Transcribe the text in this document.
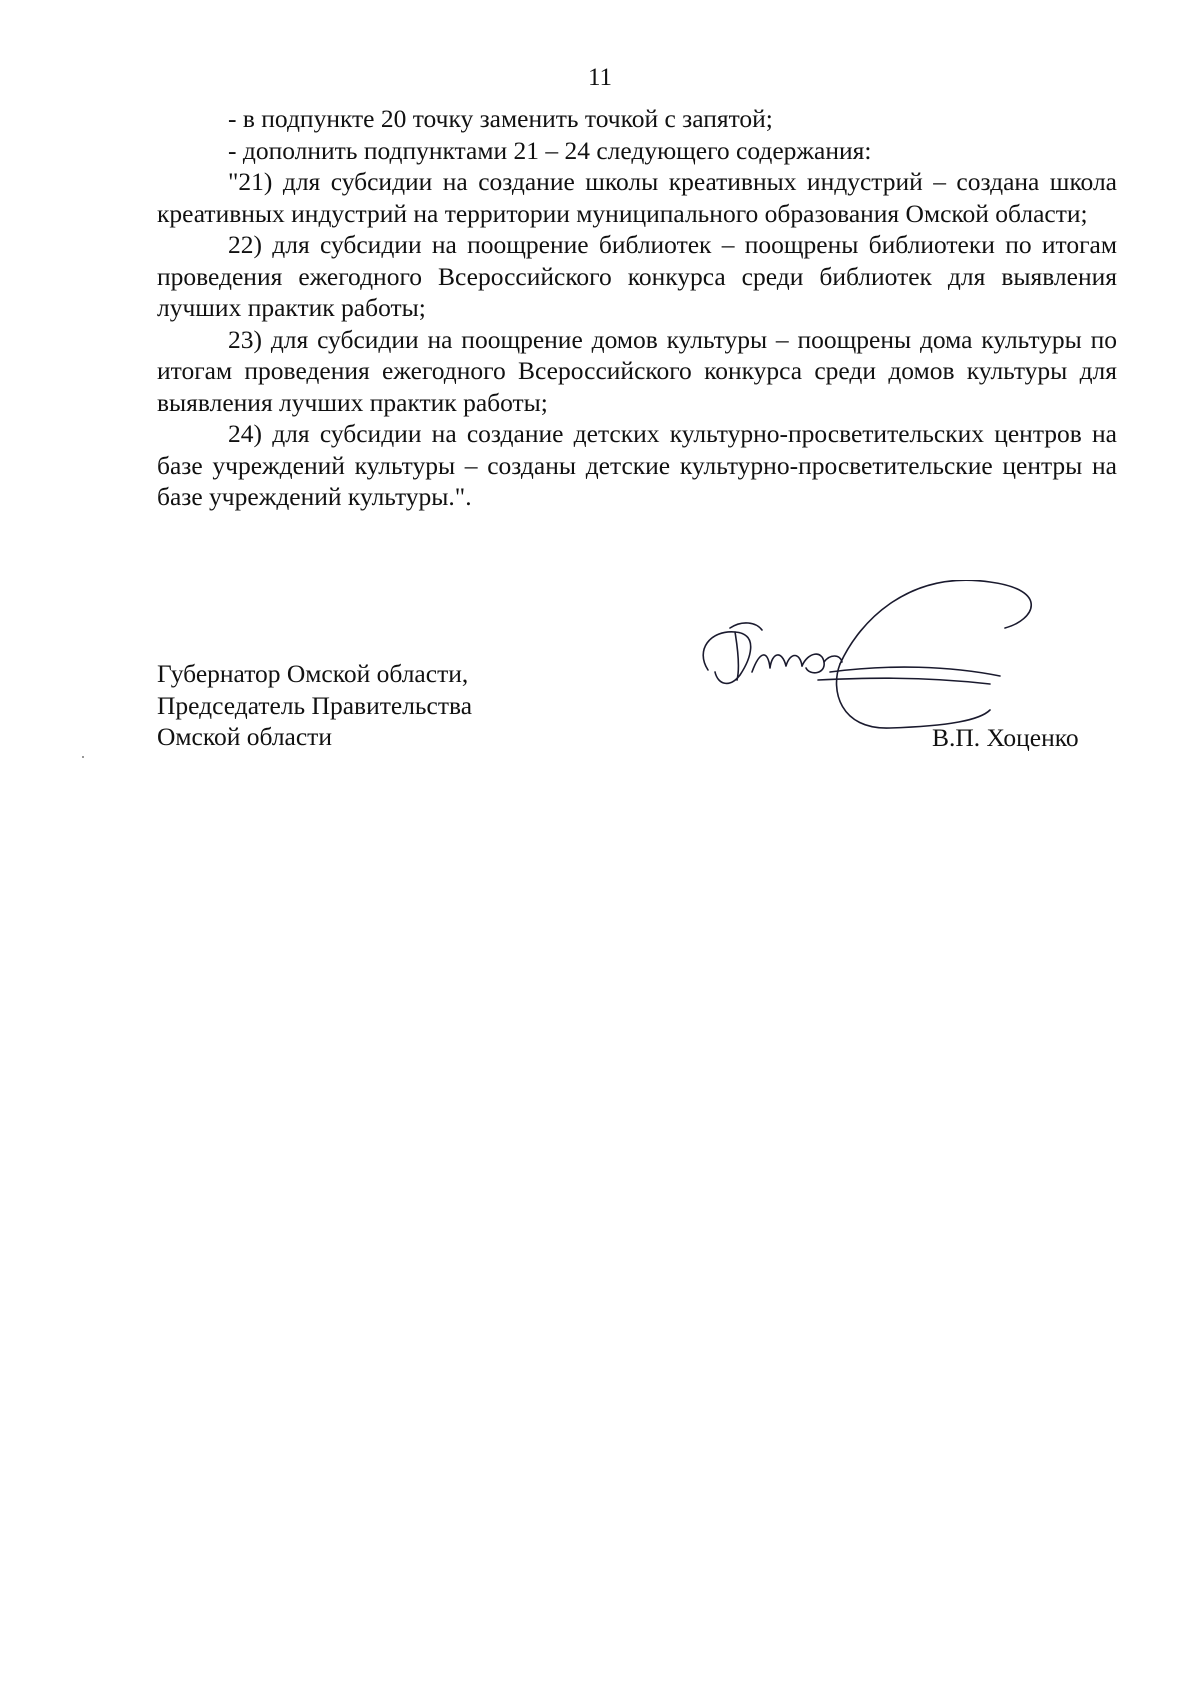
11

- в подпункте 20 точку заменить точкой с запятой;

- дополнить подпунктами 21 – 24 следующего содержания:

"21) для субсидии на создание школы креативных индустрий – создана школа креативных индустрий на территории муниципального образования Омской области;

22) для субсидии на поощрение библиотек – поощрены библиотеки по итогам проведения ежегодного Всероссийского конкурса среди библиотек для выявления лучших практик работы;

23) для субсидии на поощрение домов культуры – поощрены дома культуры по итогам проведения ежегодного Всероссийского конкурса среди домов культуры для выявления лучших практик работы;

24) для субсидии на создание детских культурно-просветительских центров на базе учреждений культуры – созданы детские культурно-просветительские центры на базе учреждений культуры.".

Губернатор Омской области,
Председатель Правительства
Омской области	В.П. Хоценко
